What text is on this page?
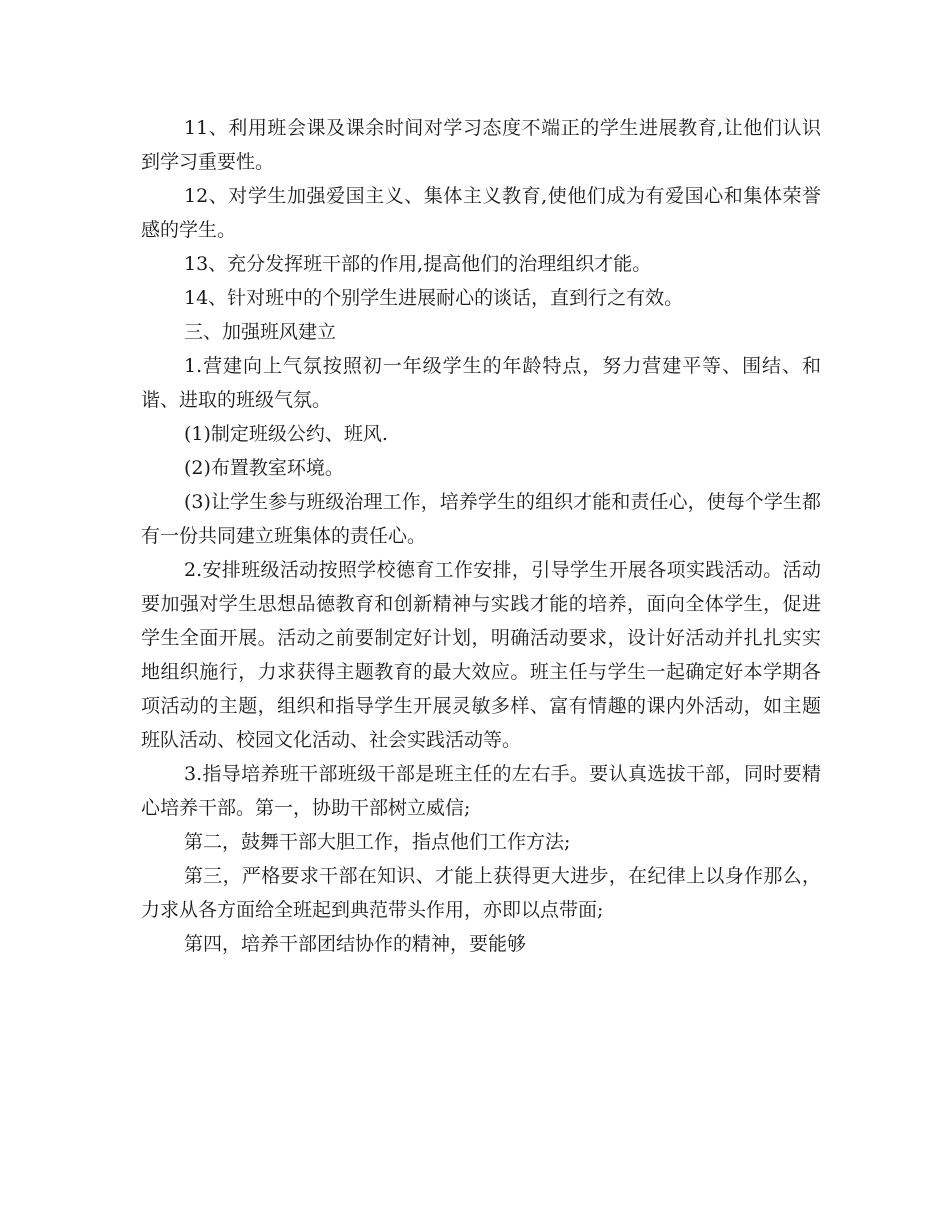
11、利用班会课及课余时间对学习态度不端正的学生进展教育,让他们认识到学习重要性。

12、对学生加强爱国主义、集体主义教育,使他们成为有爱国心和集体荣誉感的学生。

13、充分发挥班干部的作用,提高他们的治理组织才能。

14、针对班中的个别学生进展耐心的谈话，直到行之有效。

三、加强班风建立

1.营建向上气氛按照初一年级学生的年龄特点，努力营建平等、围结、和谐、进取的班级气氛。

(1)制定班级公约、班风.

(2)布置教室环境。

(3)让学生参与班级治理工作，培养学生的组织才能和责任心，使每个学生都有一份共同建立班集体的责任心。

2.安排班级活动按照学校德育工作安排，引导学生开展各项实践活动。活动要加强对学生思想品德教育和创新精神与实践才能的培养，面向全体学生，促进学生全面开展。活动之前要制定好计划，明确活动要求，设计好活动并扎扎实实地组织施行，力求获得主题教育的最大效应。班主任与学生一起确定好本学期各项活动的主题，组织和指导学生开展灵敏多样、富有情趣的课内外活动，如主题班队活动、校园文化活动、社会实践活动等。

3.指导培养班干部班级干部是班主任的左右手。要认真选拔干部，同时要精心培养干部。第一，协助干部树立威信;

第二，鼓舞干部大胆工作，指点他们工作方法;

第三，严格要求干部在知识、才能上获得更大进步，在纪律上以身作那么，力求从各方面给全班起到典范带头作用，亦即以点带面;

第四，培养干部团结协作的精神，要能够
